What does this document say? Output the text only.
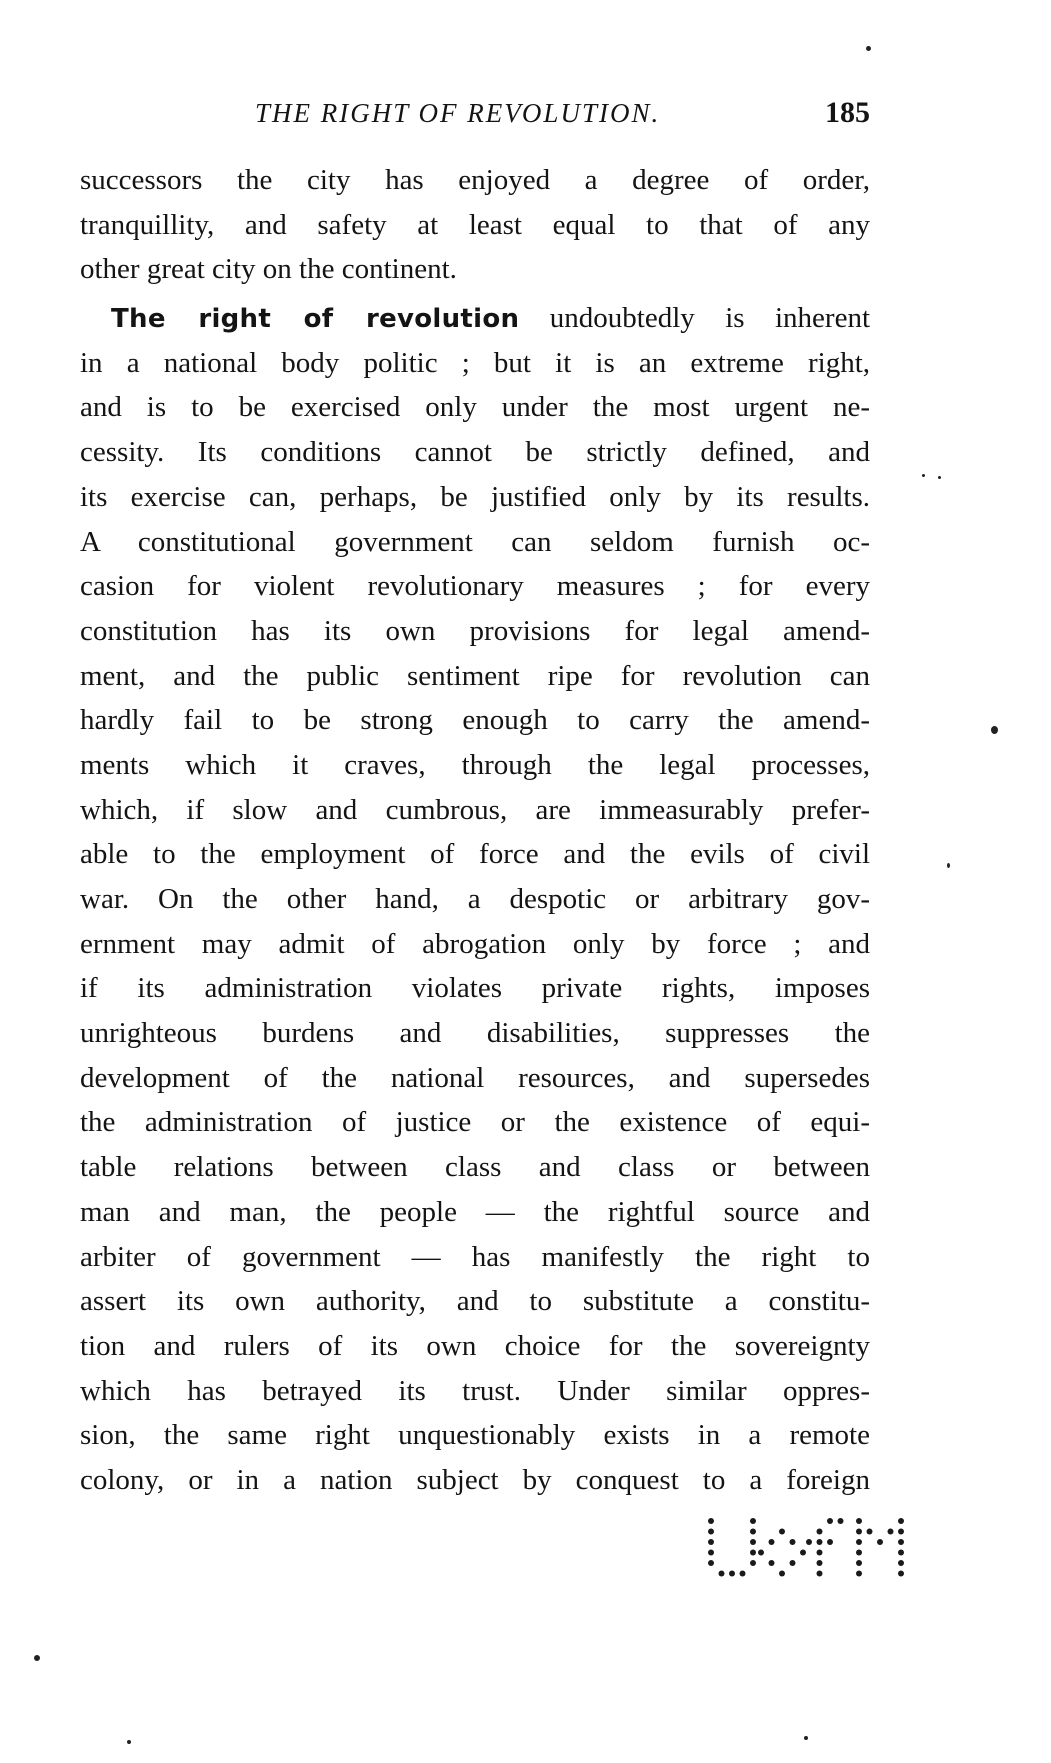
THE RIGHT OF REVOLUTION.	185
successors the city has enjoyed a degree of order,
tranquillity, and safety at least equal to that of any
other great city on the continent.
The right of revolution undoubtedly is inherent
in a national body politic ; but it is an extreme right,
and is to be exercised only under the most urgent ne-
cessity. Its conditions cannot be strictly defined, and
its exercise can, perhaps, be justified only by its results.
A constitutional government can seldom furnish oc-
casion for violent revolutionary measures ; for every
constitution has its own provisions for legal amend-
ment, and the public sentiment ripe for revolution can
hardly fail to be strong enough to carry the amend-
ments which it craves, through the legal processes,
which, if slow and cumbrous, are immeasurably prefer-
able to the employment of force and the evils of civil
war. On the other hand, a despotic or arbitrary gov-
ernment may admit of abrogation only by force ; and
if its administration violates private rights, imposes
unrighteous burdens and disabilities, suppresses the
development of the national resources, and supersedes
the administration of justice or the existence of equi-
table relations between class and class or between
man and man, the people — the rightful source and
arbiter of government — has manifestly the right to
assert its own authority, and to substitute a constitu-
tion and rulers of its own choice for the sovereignty
which has betrayed its trust. Under similar oppres-
sion, the same right unquestionably exists in a remote
colony, or in a nation subject by conquest to a foreign
